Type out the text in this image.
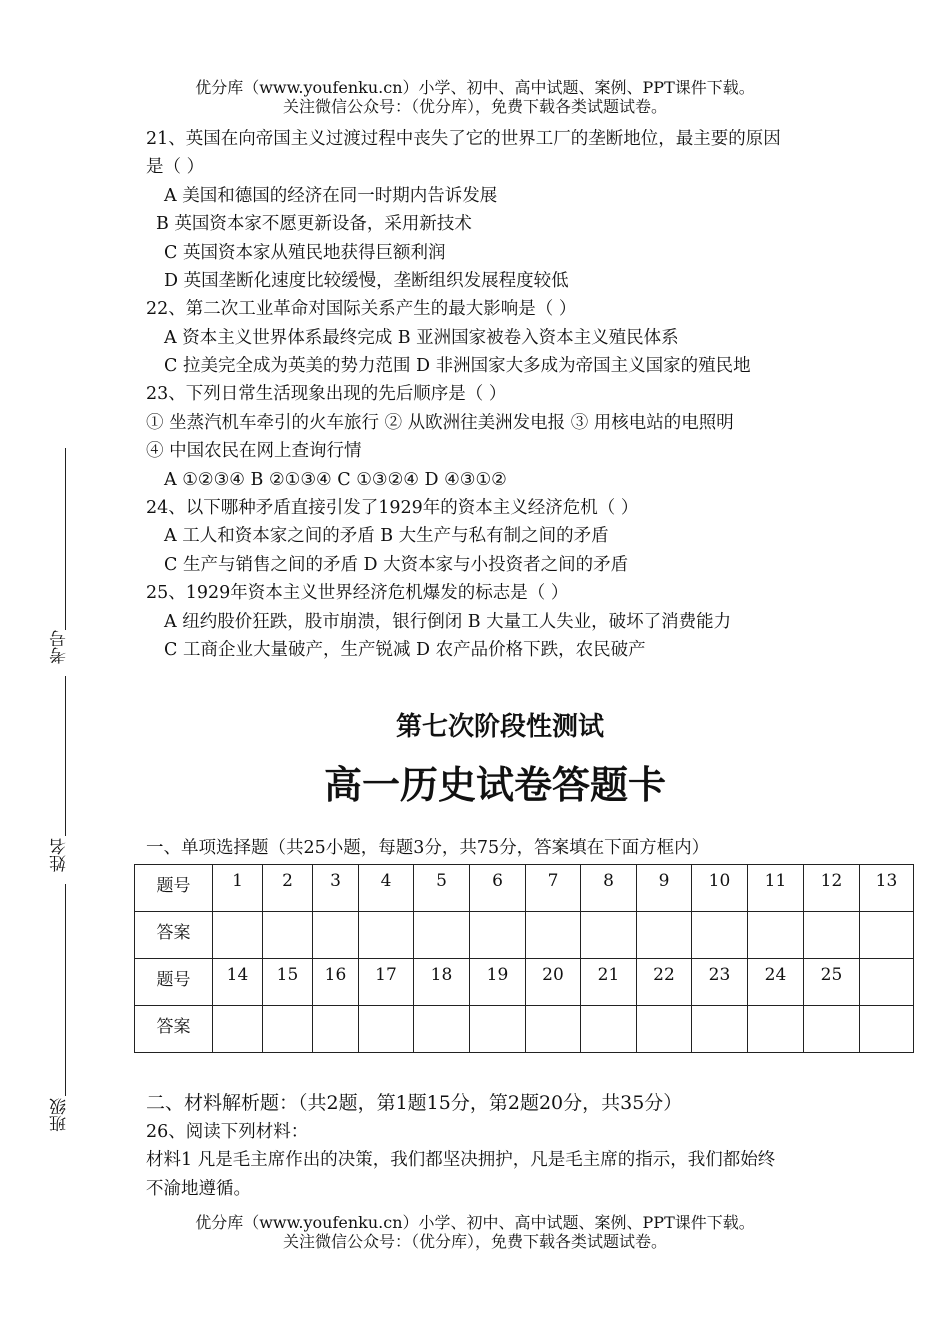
优分库（www.youfenku.cn）小学、初中、高中试题、案例、PPT课件下载。
关注微信公众号：（优分库），免费下载各类试题试卷。
21、英国在向帝国主义过渡过程中丧失了它的世界工厂的垄断地位，最主要的原因
是（ ）
A 美国和德国的经济在同一时期内告诉发展
B 英国资本家不愿更新设备，采用新技术
C 英国资本家从殖民地获得巨额利润
D 英国垄断化速度比较缓慢，垄断组织发展程度较低
22、第二次工业革命对国际关系产生的最大影响是（ ）
A 资本主义世界体系最终完成 B 亚洲国家被卷入资本主义殖民体系
C 拉美完全成为英美的势力范围 D 非洲国家大多成为帝国主义国家的殖民地
23、下列日常生活现象出现的先后顺序是（ ）
① 坐蒸汽机车牵引的火车旅行 ② 从欧洲往美洲发电报 ③ 用核电站的电照明
④ 中国农民在网上查询行情
A ①②③④ B ②①③④ C ①③②④ D ④③①②
24、以下哪种矛盾直接引发了1929年的资本主义经济危机（ ）
A 工人和资本家之间的矛盾 B 大生产与私有制之间的矛盾
C 生产与销售之间的矛盾 D 大资本家与小投资者之间的矛盾
25、1929年资本主义世界经济危机爆发的标志是（ ）
A 纽约股价狂跌，股市崩溃，银行倒闭 B 大量工人失业，破坏了消费能力
C 工商企业大量破产，生产锐减 D 农产品价格下跌，农民破产
考号
姓名
班级
第七次阶段性测试
高一历史试卷答题卡
一、单项选择题（共25小题，每题3分，共75分，答案填在下面方框内）
题号	1	2	3	4	5	6	7	8	9	10	11	12	13
答案													
题号	14	15	16	17	18	19	20	21	22	23	24	25	
答案													
二、材料解析题：（共2题，第1题15分，第2题20分，共35分）
26、阅读下列材料：
材料1 凡是毛主席作出的决策，我们都坚决拥护，凡是毛主席的指示，我们都始终
不渝地遵循。
优分库（www.youfenku.cn）小学、初中、高中试题、案例、PPT课件下载。
关注微信公众号：（优分库），免费下载各类试题试卷。
